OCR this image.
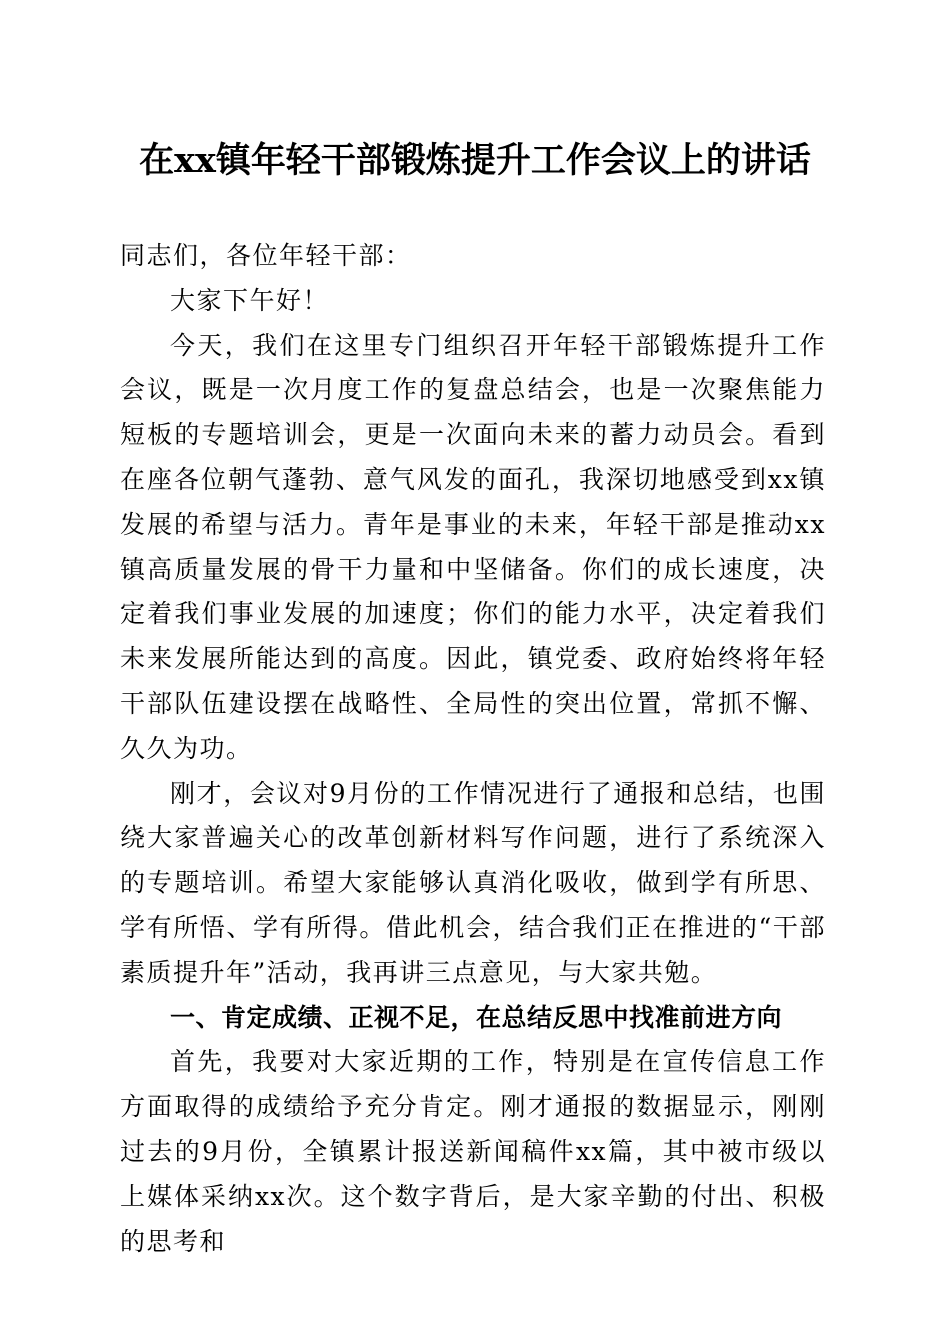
在xx镇年轻干部锻炼提升工作会议上的讲话

同志们，各位年轻干部：

大家下午好！

今天，我们在这里专门组织召开年轻干部锻炼提升工作会议，既是一次月度工作的复盘总结会，也是一次聚焦能力短板的专题培训会，更是一次面向未来的蓄力动员会。看到在座各位朝气蓬勃、意气风发的面孔，我深切地感受到xx镇发展的希望与活力。青年是事业的未来，年轻干部是推动xx镇高质量发展的骨干力量和中坚储备。你们的成长速度，决定着我们事业发展的加速度；你们的能力水平，决定着我们未来发展所能达到的高度。因此，镇党委、政府始终将年轻干部队伍建设摆在战略性、全局性的突出位置，常抓不懈、久久为功。

刚才，会议对9月份的工作情况进行了通报和总结，也围绕大家普遍关心的改革创新材料写作问题，进行了系统深入的专题培训。希望大家能够认真消化吸收，做到学有所思、学有所悟、学有所得。借此机会，结合我们正在推进的“干部素质提升年”活动，我再讲三点意见，与大家共勉。

一、肯定成绩、正视不足，在总结反思中找准前进方向

首先，我要对大家近期的工作，特别是在宣传信息工作方面取得的成绩给予充分肯定。刚才通报的数据显示，刚刚过去的9月份，全镇累计报送新闻稿件xx篇，其中被市级以上媒体采纳xx次。这个数字背后，是大家辛勤的付出、积极的思考和
